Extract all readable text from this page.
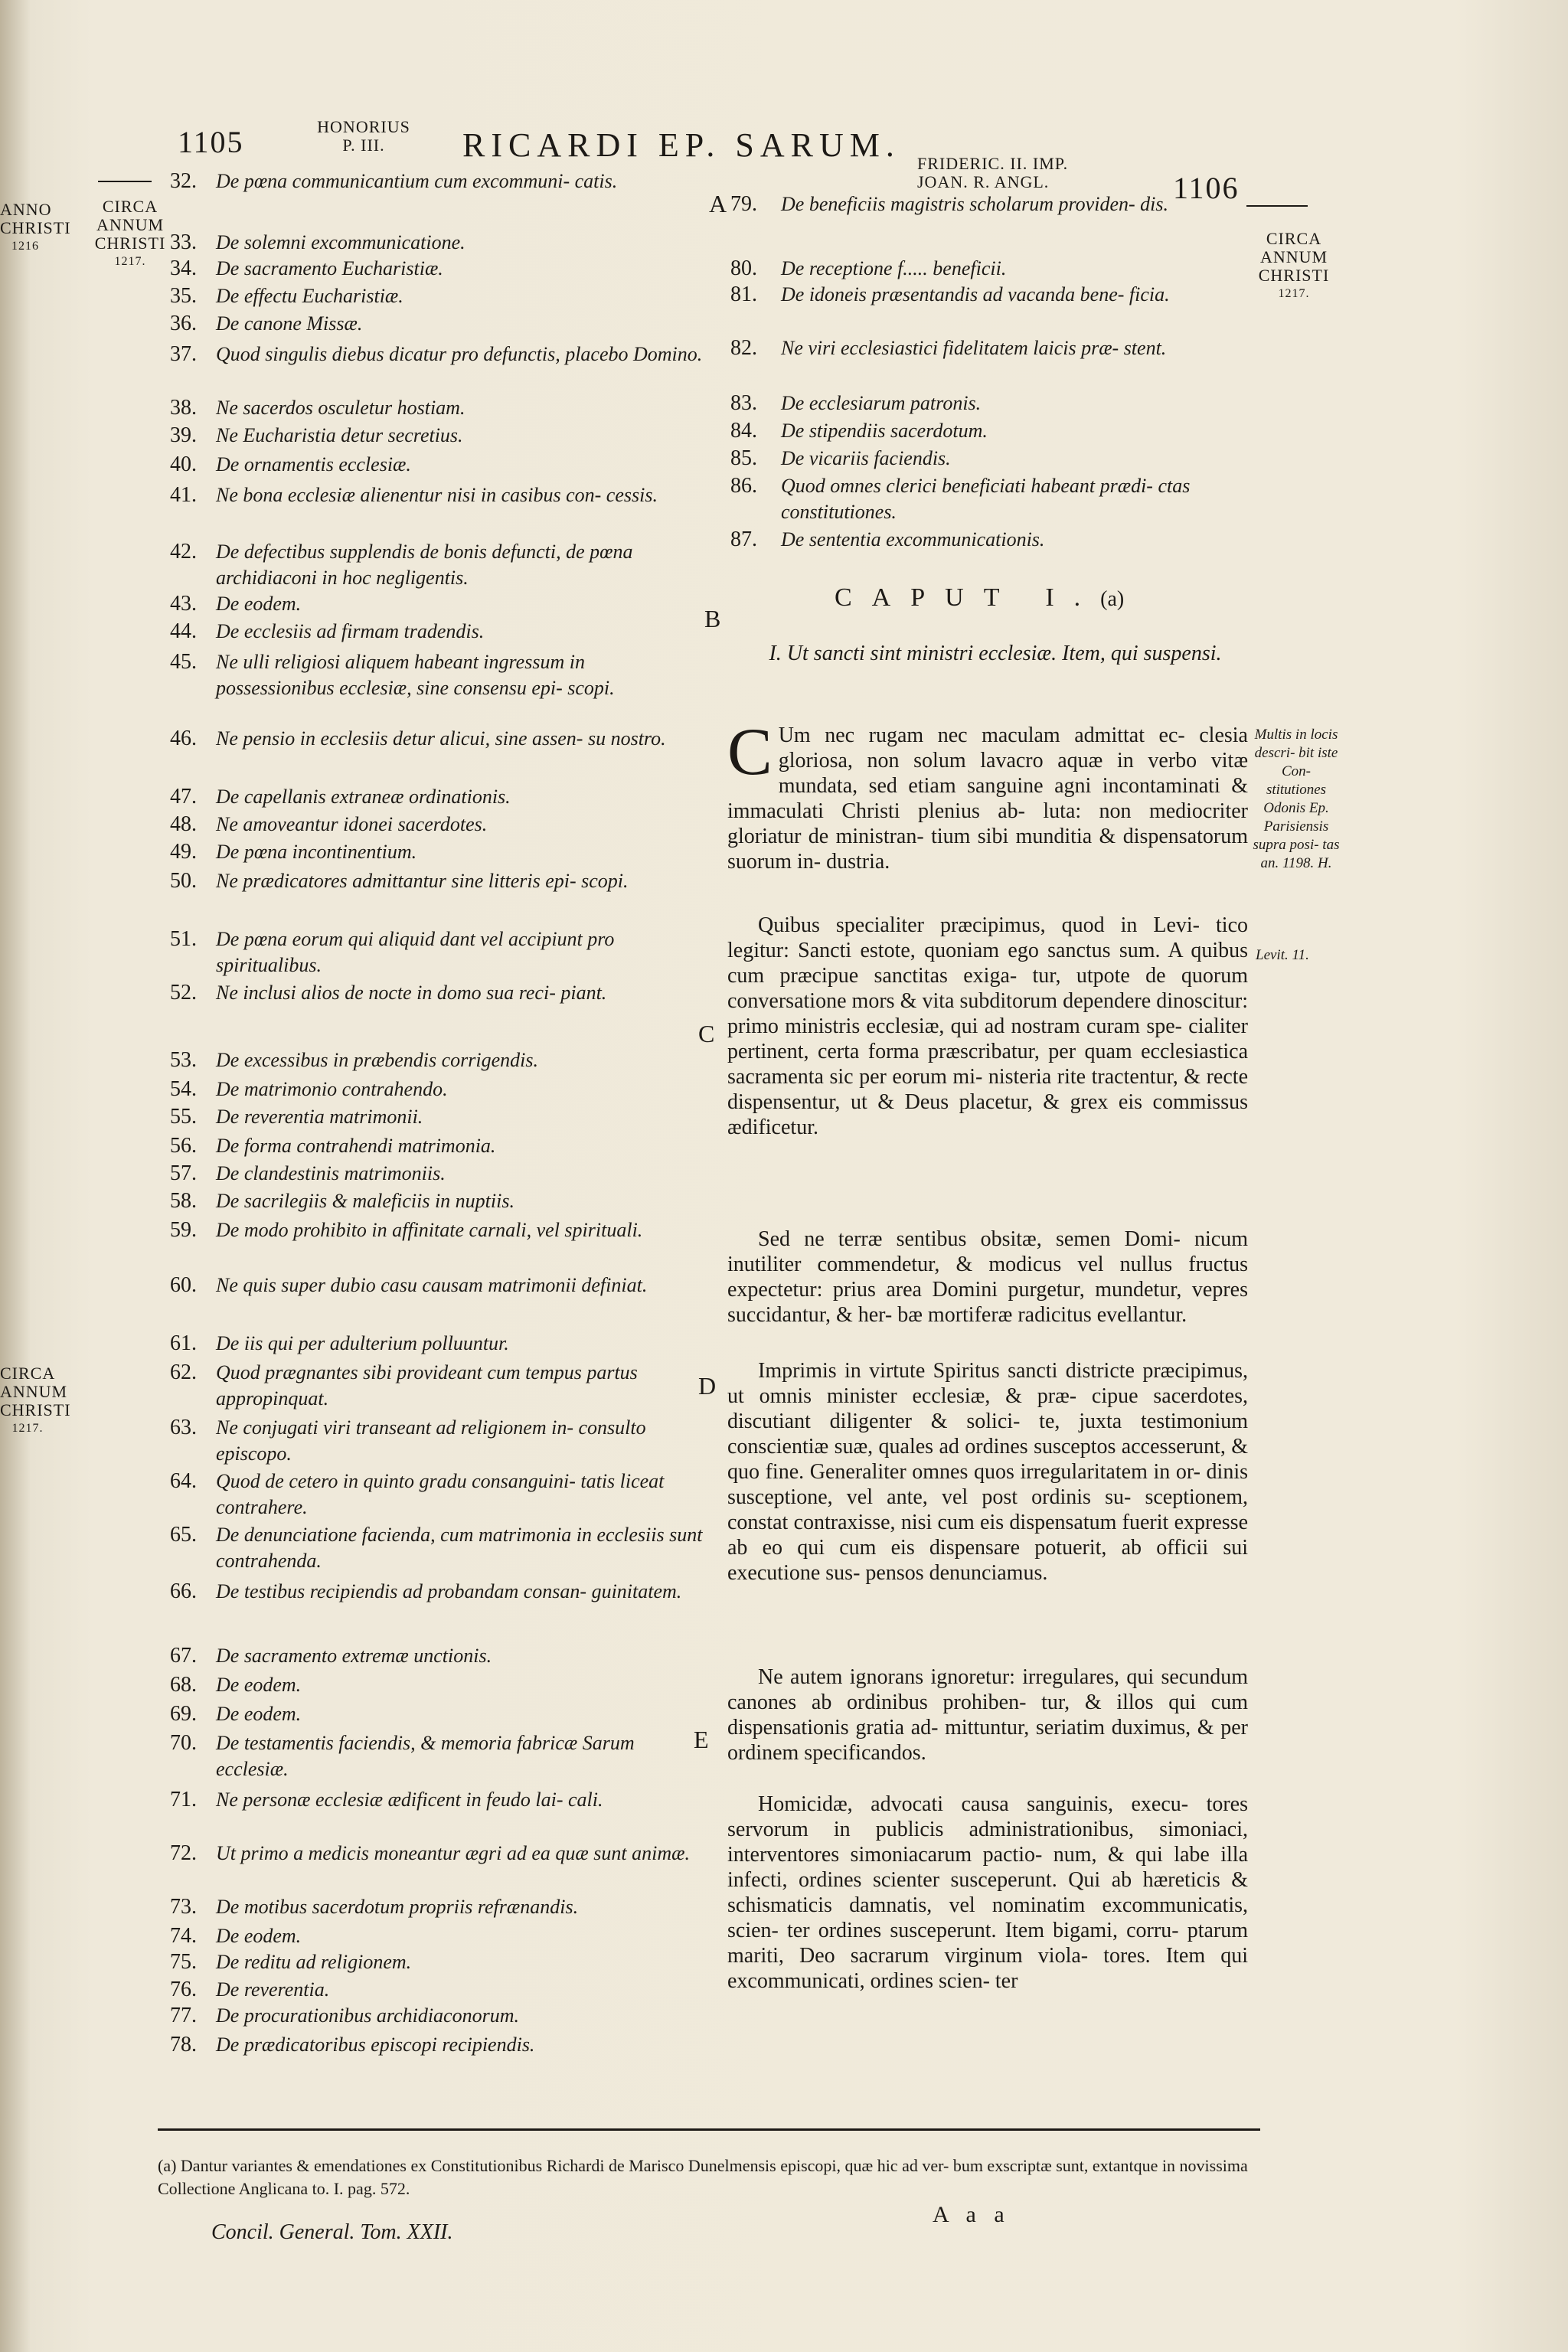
1105	HONORIUS
P. III.	RICARDI EP. SARUM. FRIDERIC. II. IMP.
JOAN. R. ANGL.	1106
ANNO
CHRISTI
1216
CIRCA
ANNUM
CHRISTI
1217.
CIRCA
ANNUM
CHRISTI
1217.
CIRCA
ANNUM
CHRISTI
1217.
Multis in locis descri- bit iste Con- stitutiones Odonis Ep. Parisiensis supra posi- tas an. 1198. H.
Levit. 11.
A
B
C
D
E
32. De pœna communicantium cum excommuni- catis.
33. De solemni excommunicatione.
34. De sacramento Eucharistiæ.
35. De effectu Eucharistiæ.
36. De canone Missæ.
37. Quod singulis diebus dicatur pro defunctis, placebo Domino.
38. Ne sacerdos osculetur hostiam.
39. Ne Eucharistia detur secretius.
40. De ornamentis ecclesiæ.
41. Ne bona ecclesiæ alienentur nisi in casibus con- cessis.
42. De defectibus supplendis de bonis defuncti, de pœna archidiaconi in hoc negligentis.
43. De eodem.
44. De ecclesiis ad firmam tradendis.
45. Ne ulli religiosi aliquem habeant ingressum in possessionibus ecclesiæ, sine consensu epi- scopi.
46. Ne pensio in ecclesiis detur alicui, sine assen- su nostro.
47. De capellanis extraneæ ordinationis.
48. Ne amoveantur idonei sacerdotes.
49. De pœna incontinentium.
50. Ne prædicatores admittantur sine litteris epi- scopi.
51. De pœna eorum qui aliquid dant vel accipiunt pro spiritualibus.
52. Ne inclusi alios de nocte in domo sua reci- piant.
53. De excessibus in præbendis corrigendis.
54. De matrimonio contrahendo.
55. De reverentia matrimonii.
56. De forma contrahendi matrimonia.
57. De clandestinis matrimoniis.
58. De sacrilegiis & maleficiis in nuptiis.
59. De modo prohibito in affinitate carnali, vel spirituali.
60. Ne quis super dubio casu causam matrimonii definiat.
61. De iis qui per adulterium polluuntur.
62. Quod prægnantes sibi provideant cum tempus partus appropinquat.
63. Ne conjugati viri transeant ad religionem in- consulto episcopo.
64. Quod de cetero in quinto gradu consanguini- tatis liceat contrahere.
65. De denunciatione facienda, cum matrimonia in ecclesiis sunt contrahenda.
66. De testibus recipiendis ad probandam consan- guinitatem.
67. De sacramento extremæ unctionis.
68. De eodem.
69. De eodem.
70. De testamentis faciendis, & memoria fabricæ Sarum ecclesiæ.
71. Ne personæ ecclesiæ ædificent in feudo lai- cali.
72. Ut primo a medicis moneantur ægri ad ea quæ sunt animæ.
73. De motibus sacerdotum propriis refrænandis.
74. De eodem.
75. De reditu ad religionem.
76. De reverentia.
77. De procurationibus archidiaconorum.
78. De prædicatoribus episcopi recipiendis.
79.	De beneficiis magistris scholarum providen- dis.
80.	De receptione f..... beneficii.
81.	De idoneis præsentandis ad vacanda bene- ficia.
82.	Ne viri ecclesiastici fidelitatem laicis præ- stent.
83.	De ecclesiarum patronis.
84.	De stipendiis sacerdotum.
85.	De vicariis faciendis.
86.	Quod omnes clerici beneficiati habeant prædi- ctas constitutiones.
87.	De sententia excommunicationis.
CAPUT I.(a)
I. Ut sancti sint ministri ecclesiæ. Item, qui suspensi.
C Um nec rugam nec maculam admittat ec- clesia gloriosa, non solum lavacro aquæ in verbo vitæ mundata, sed etiam sanguine agni incontaminati & immaculati Christi plenius ab- luta: non mediocriter gloriatur de ministran- tium sibi munditia & dispensatorum suorum in- dustria.
Quibus specialiter præcipimus, quod in Levi- tico legitur: Sancti estote, quoniam ego sanctus sum. A quibus cum præcipue sanctitas exiga- tur, utpote de quorum conversatione mors & vita subditorum dependere dinoscitur: primo ministris ecclesiæ, qui ad nostram curam spe- cialiter pertinent, certa forma præscribatur, per quam ecclesiastica sacramenta sic per eorum mi- nisteria rite tractentur, & recte dispensentur, ut & Deus placetur, & grex eis commissus ædificetur.
Sed ne terræ sentibus obsitæ, semen Domi- nicum inutiliter commendetur, & modicus vel nullus fructus expectetur: prius area Domini purgetur, mundetur, vepres succidantur, & her- bæ mortiferæ radicitus evellantur.
Imprimis in virtute Spiritus sancti districte præcipimus, ut omnis minister ecclesiæ, & præ- cipue sacerdotes, discutiant diligenter & solici- te, juxta testimonium conscientiæ suæ, quales ad ordines susceptos accesserunt, & quo fine. Generaliter omnes quos irregularitatem in or- dinis susceptione, vel ante, vel post ordinis su- sceptionem, constat contraxisse, nisi cum eis dispensatum fuerit expresse ab eo qui cum eis dispensare potuerit, ab officii sui executione sus- pensos denunciamus.
Ne autem ignorans ignoretur: irregulares, qui secundum canones ab ordinibus prohiben- tur, & illos qui cum dispensationis gratia ad- mittuntur, seriatim duximus, & per ordinem specificandos.
Homicidæ, advocati causa sanguinis, execu- tores servorum in publicis administrationibus, simoniaci, interventores simoniacarum pactio- num, & qui labe illa infecti, ordines scienter susceperunt. Qui ab hæreticis & schismaticis damnatis, vel nominatim excommunicatis, scien- ter ordines susceperunt. Item bigami, corru- ptarum mariti, Deo sacrarum virginum viola- tores. Item qui excommunicati, ordines scien- ter
(a) Dantur variantes & emendationes ex Constitutionibus Richardi de Marisco Dunelmensis episcopi, quæ hic ad ver- bum exscriptæ sunt, extantque in novissima Collectione Anglicana to. I. pag. 572.
A a a
Concil. General. Tom. XXII.
